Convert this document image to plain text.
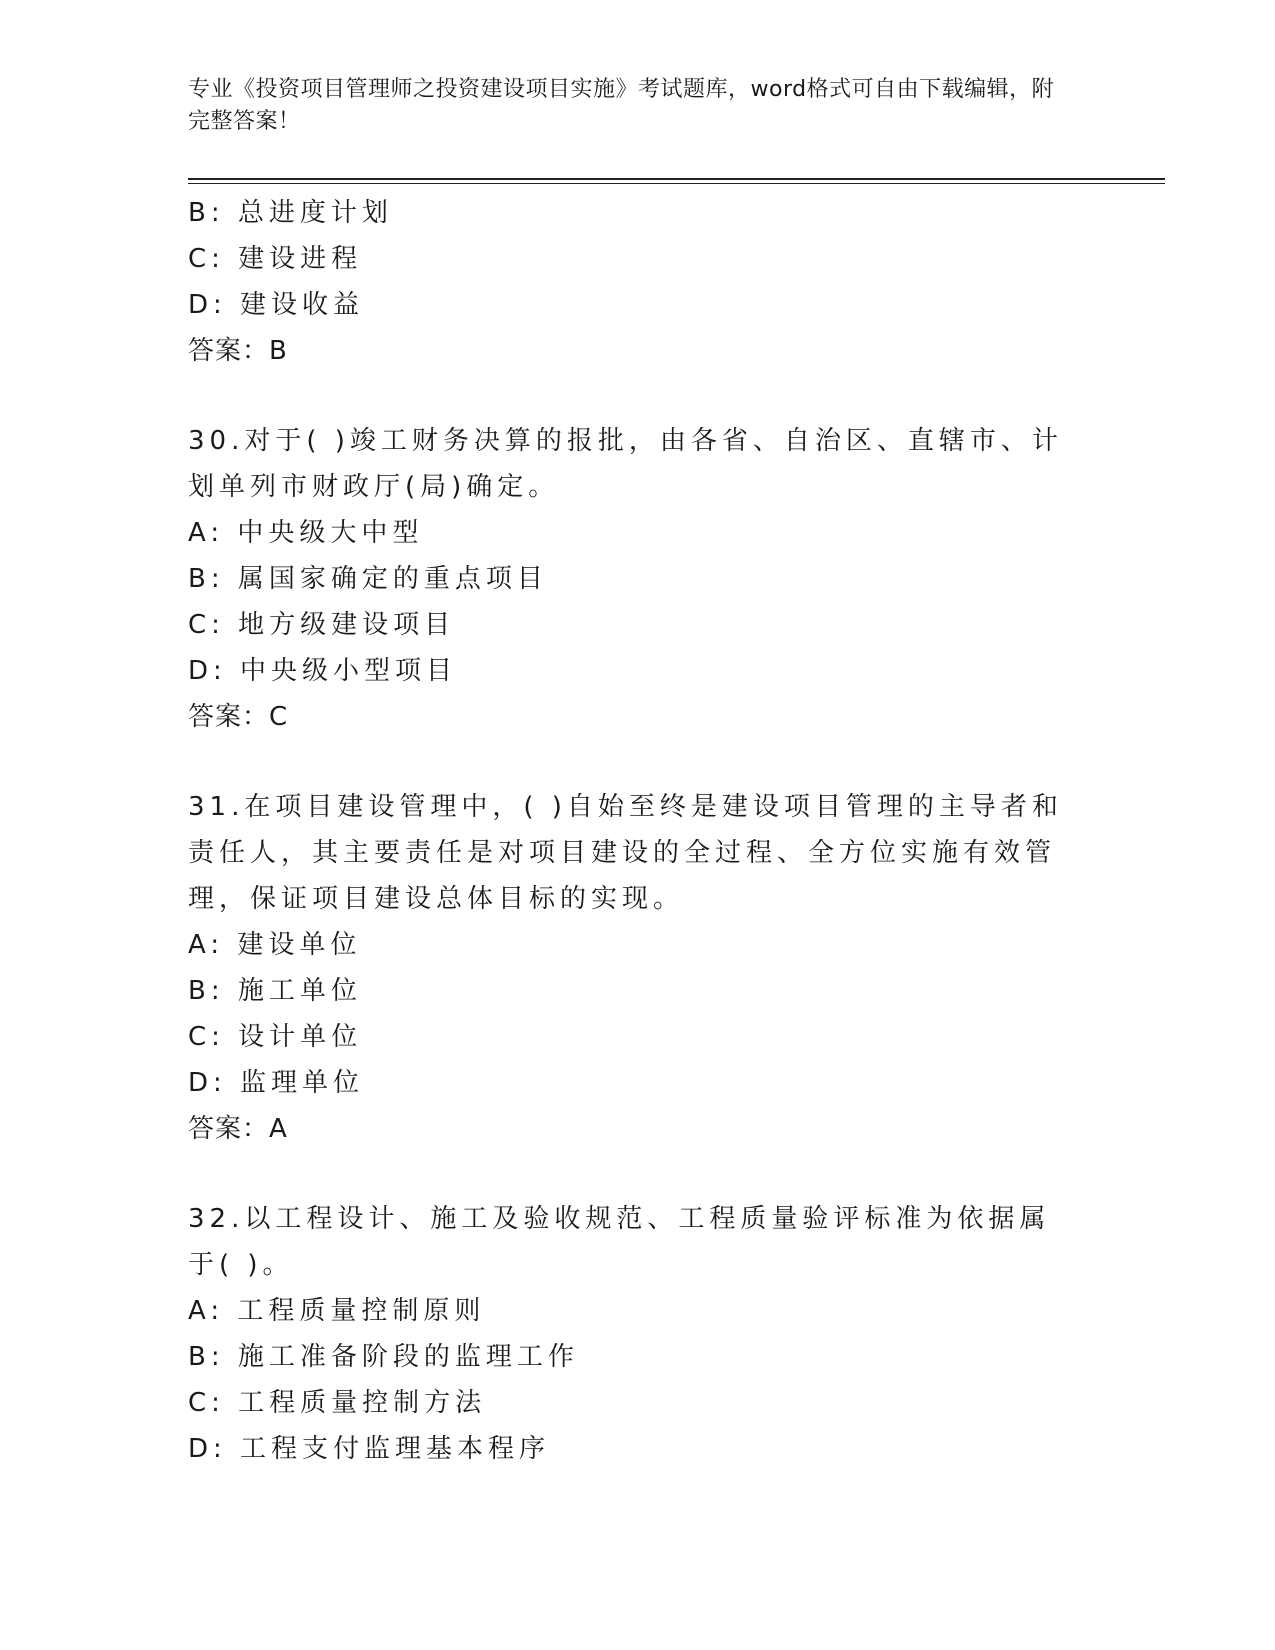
专业《投资项目管理师之投资建设项目实施》考试题库，word格式可自由下载编辑，附完整答案！
B: 总进度计划
C: 建设进程
D: 建设收益
答案：B
30.对于( )竣工财务决算的报批，由各省、自治区、直辖市、计划单列市财政厅(局)确定。
A: 中央级大中型
B: 属国家确定的重点项目
C: 地方级建设项目
D: 中央级小型项目
答案：C
31.在项目建设管理中，( )自始至终是建设项目管理的主导者和责任人，其主要责任是对项目建设的全过程、全方位实施有效管理，保证项目建设总体目标的实现。
A: 建设单位
B: 施工单位
C: 设计单位
D: 监理单位
答案：A
32.以工程设计、施工及验收规范、工程质量验评标准为依据属于( )。
A: 工程质量控制原则
B: 施工准备阶段的监理工作
C: 工程质量控制方法
D: 工程支付监理基本程序
